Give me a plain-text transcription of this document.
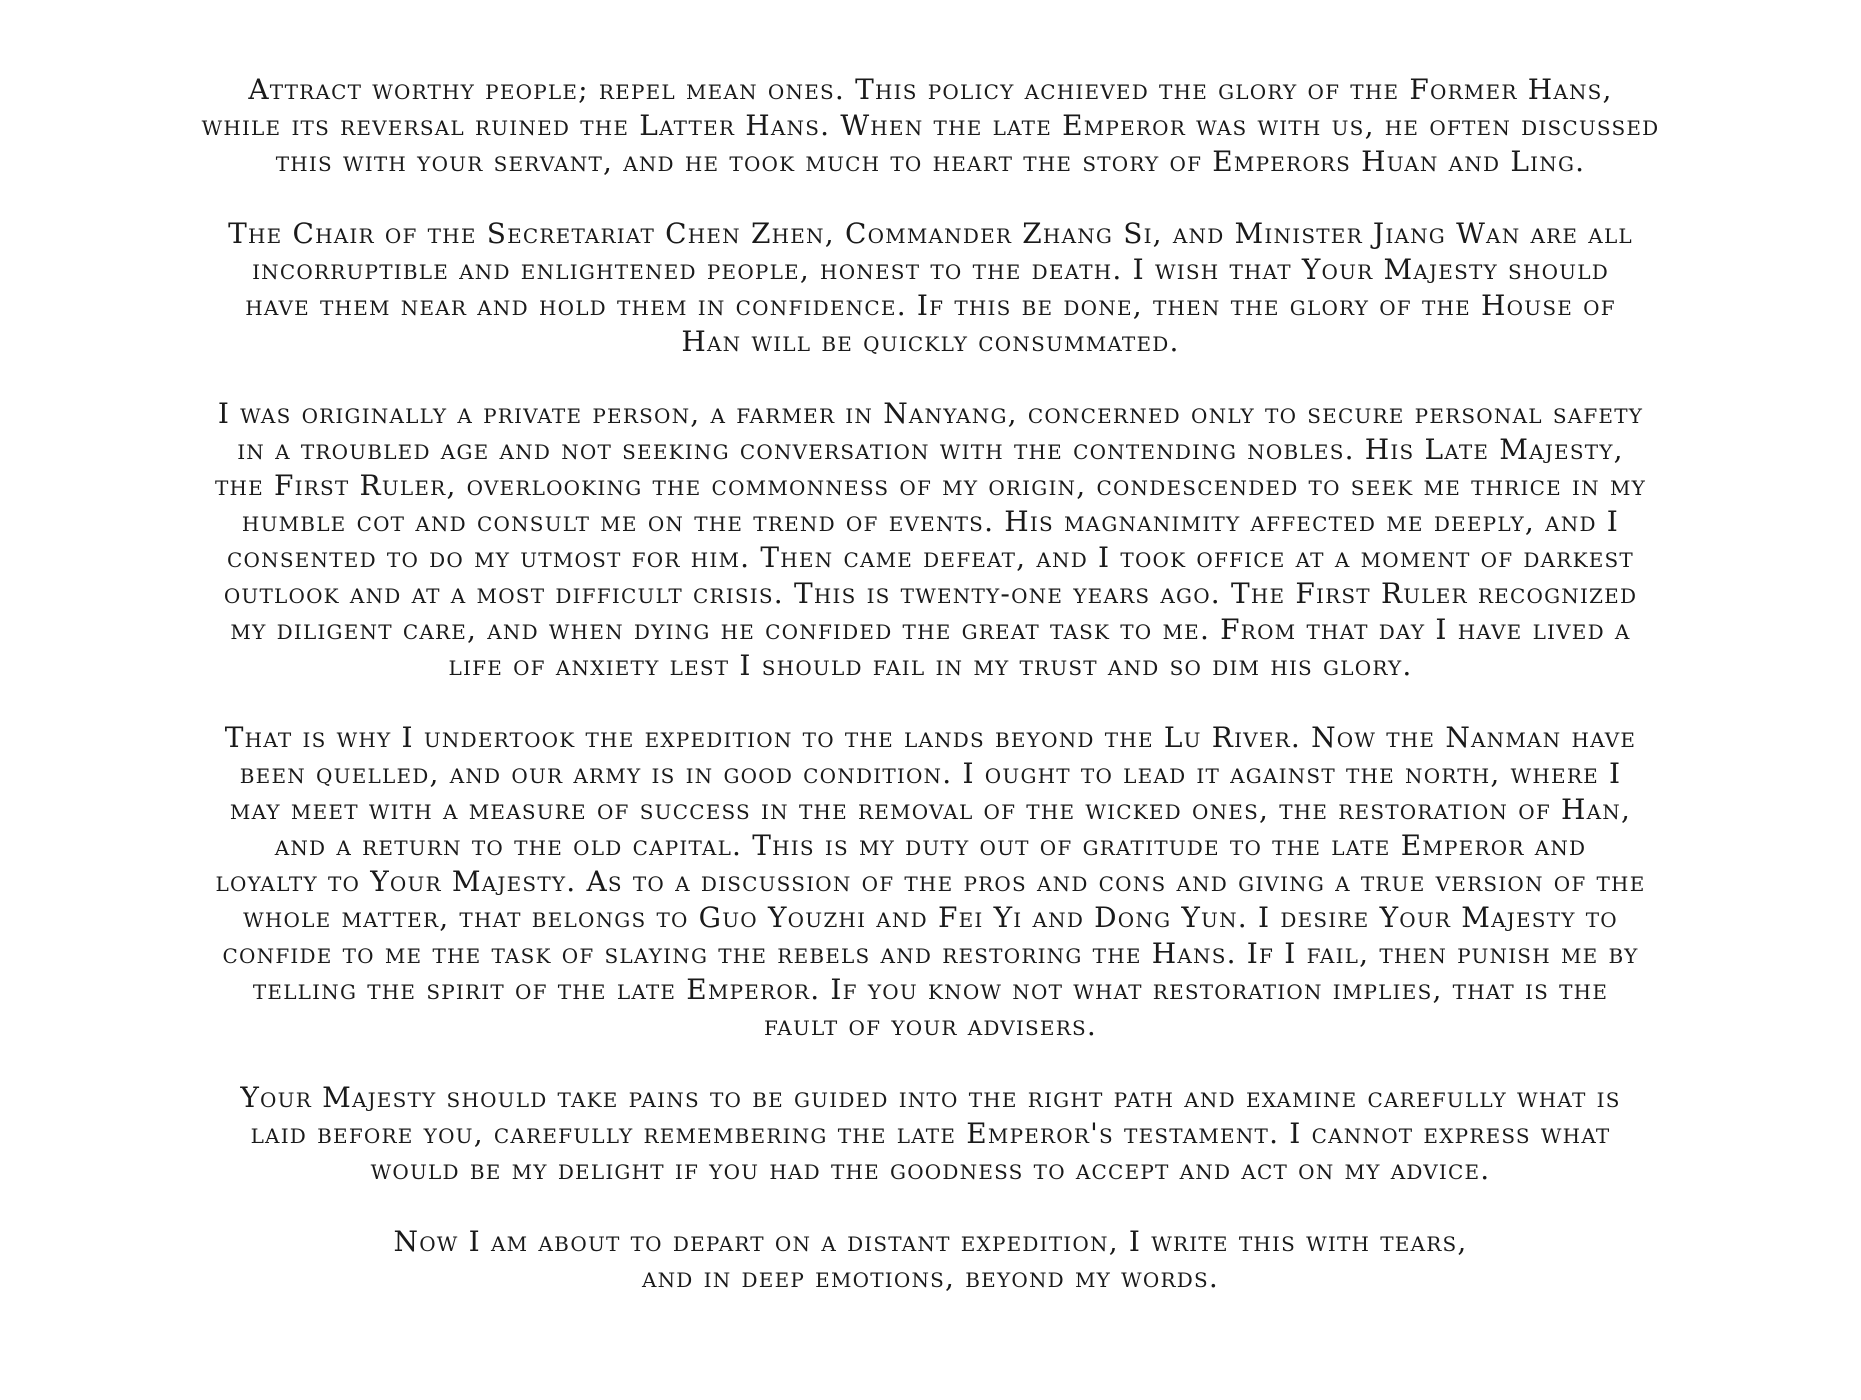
Attract worthy people; repel mean ones. This policy achieved the glory of the Former Hans,
while its reversal ruined the Latter Hans. When the late Emperor was with us, he often discussed
this with your servant, and he took much to heart the story of Emperors Huan and Ling.

The Chair of the Secretariat Chen Zhen, Commander Zhang Si, and Minister Jiang Wan are all
incorruptible and enlightened people, honest to the death. I wish that Your Majesty should
have them near and hold them in confidence. If this be done, then the glory of the House of
Han will be quickly consummated.

I was originally a private person, a farmer in Nanyang, concerned only to secure personal safety
in a troubled age and not seeking conversation with the contending nobles. His Late Majesty,
the First Ruler, overlooking the commonness of my origin, condescended to seek me thrice in my
humble cot and consult me on the trend of events. His magnanimity affected me deeply, and I
consented to do my utmost for him. Then came defeat, and I took office at a moment of darkest
outlook and at a most difficult crisis. This is twenty-one years ago. The First Ruler recognized
my diligent care, and when dying he confided the great task to me. From that day I have lived a
life of anxiety lest I should fail in my trust and so dim his glory.

That is why I undertook the expedition to the lands beyond the Lu River. Now the Nanman have
been quelled, and our army is in good condition. I ought to lead it against the north, where I
may meet with a measure of success in the removal of the wicked ones, the restoration of Han,
and a return to the old capital. This is my duty out of gratitude to the late Emperor and
loyalty to Your Majesty. As to a discussion of the pros and cons and giving a true version of the
whole matter, that belongs to Guo Youzhi and Fei Yi and Dong Yun. I desire Your Majesty to
confide to me the task of slaying the rebels and restoring the Hans. If I fail, then punish me by
telling the spirit of the late Emperor. If you know not what restoration implies, that is the
fault of your advisers.

Your Majesty should take pains to be guided into the right path and examine carefully what is
laid before you, carefully remembering the late Emperor's testament. I cannot express what
would be my delight if you had the goodness to accept and act on my advice.

Now I am about to depart on a distant expedition, I write this with tears,
and in deep emotions, beyond my words.
